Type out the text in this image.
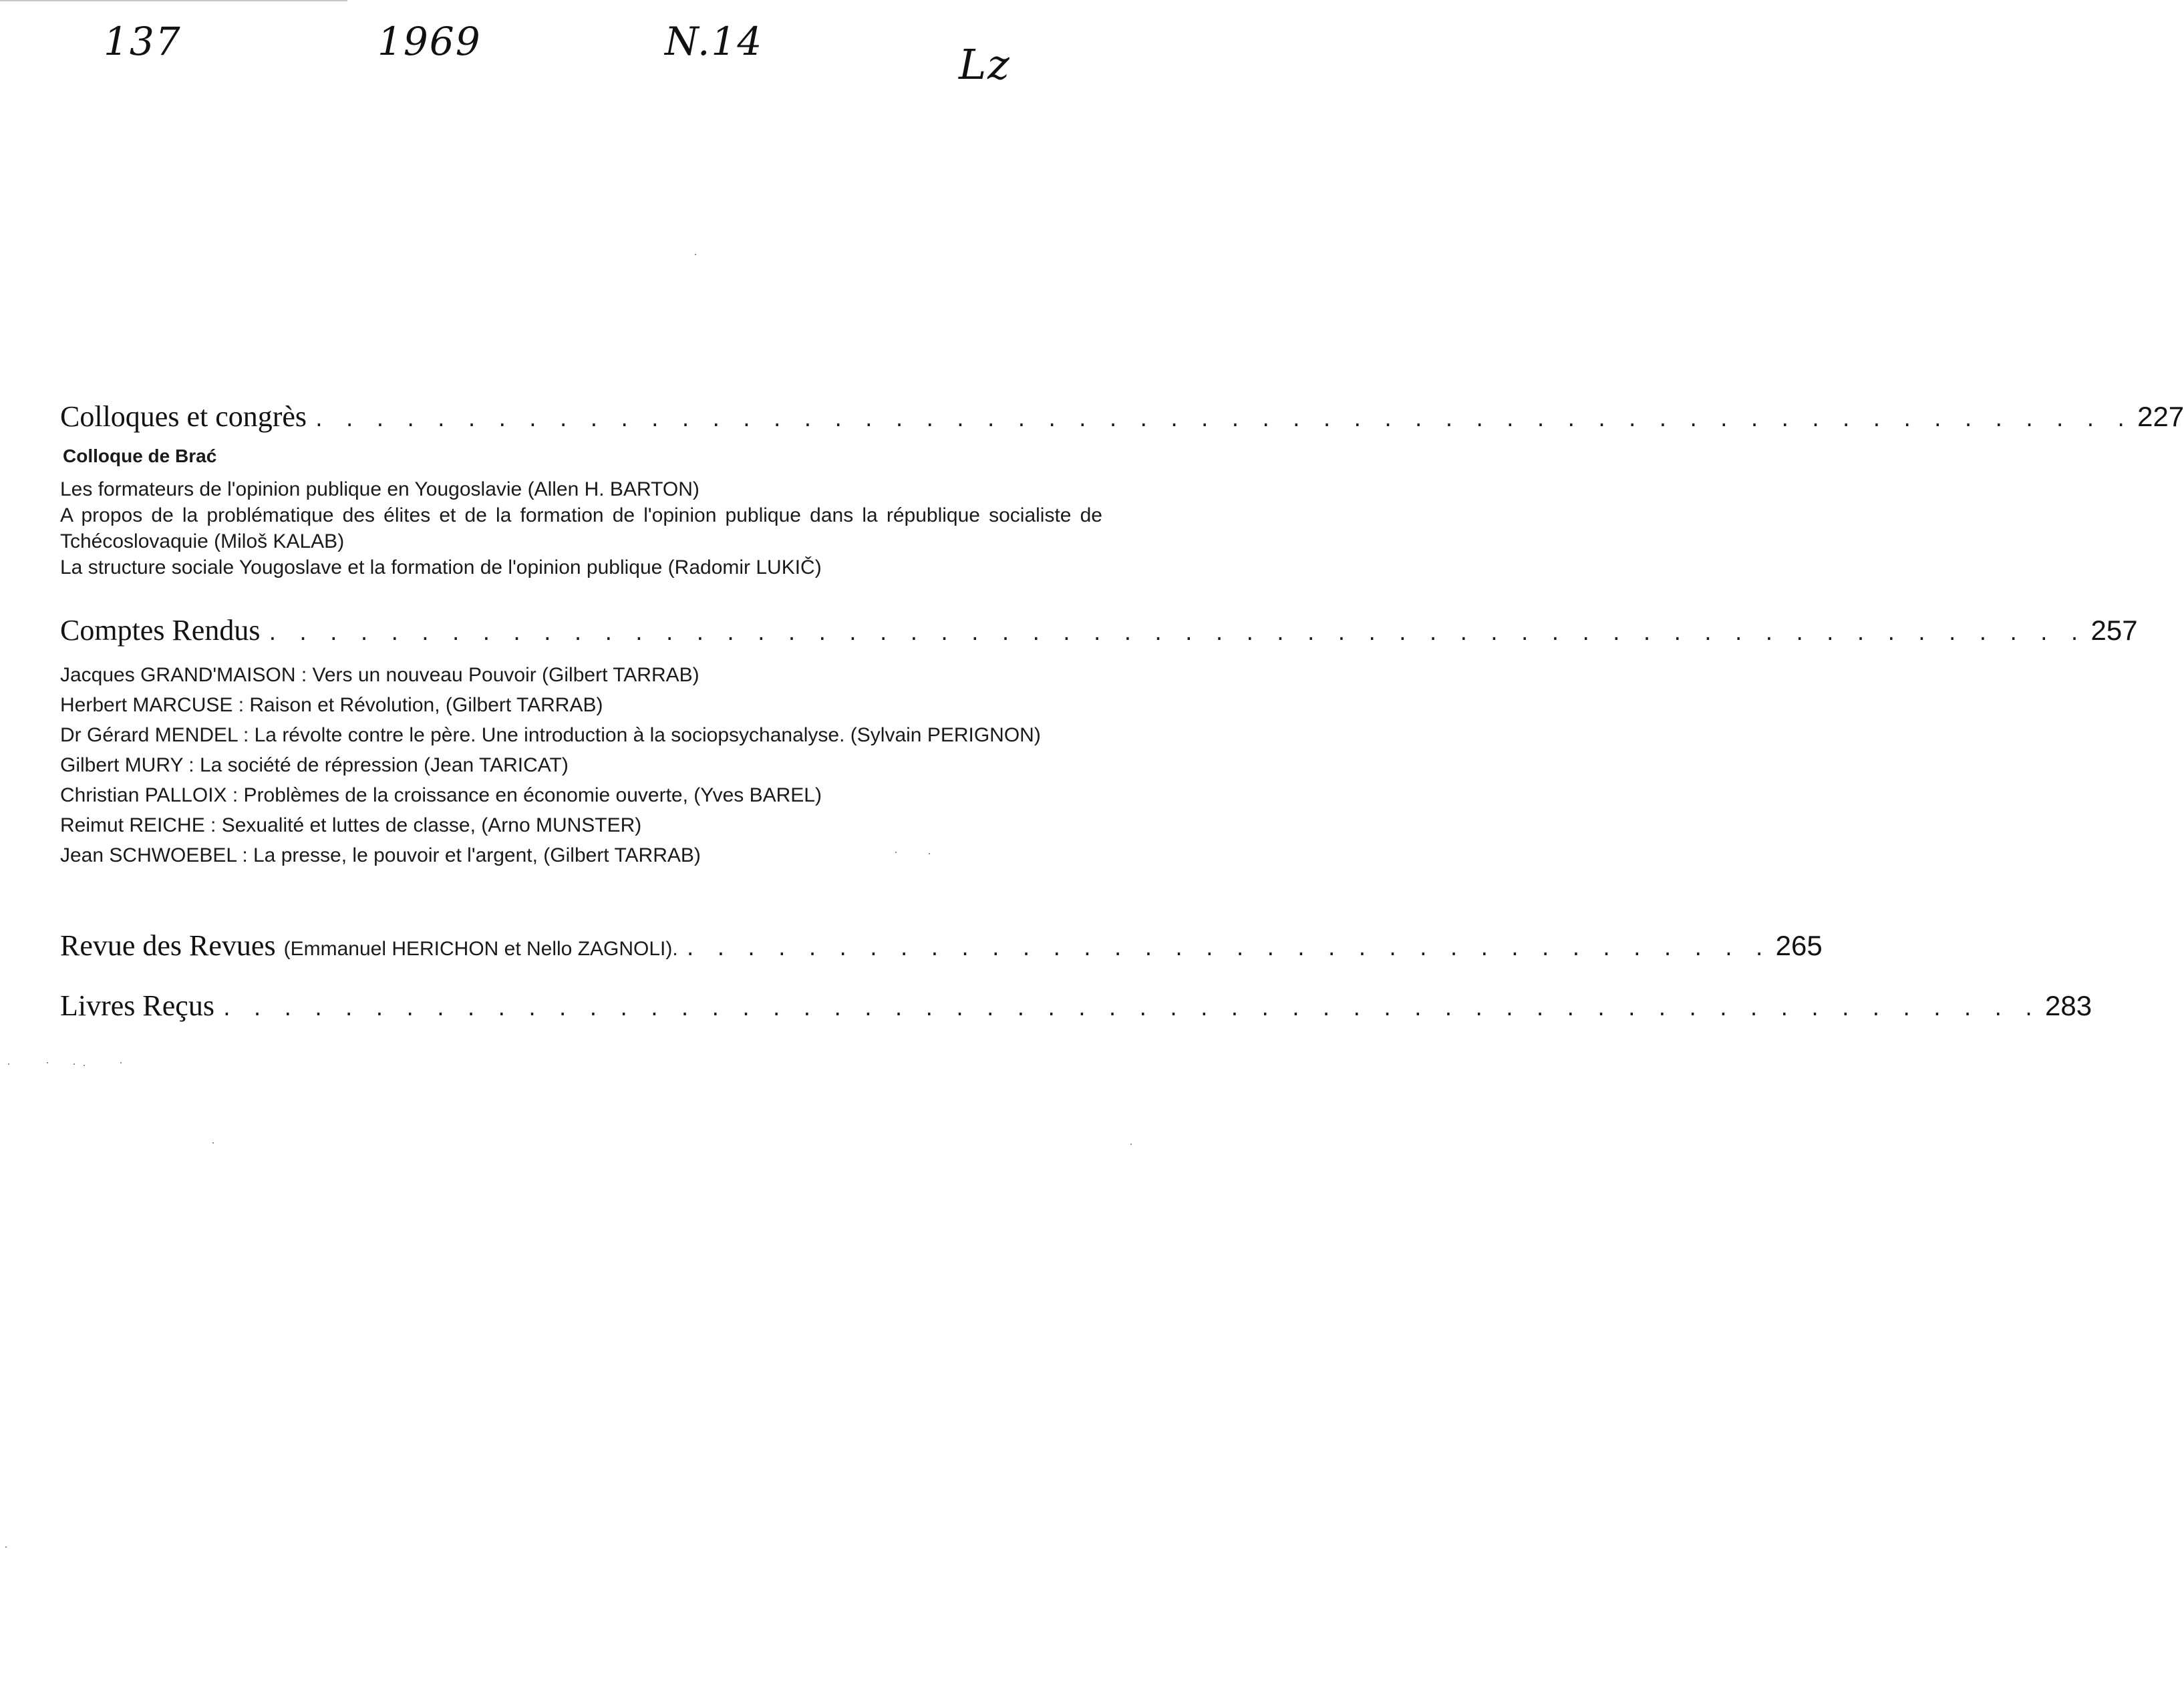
137	1969	N.14	Lz
Colloques et congrès . . . . . . . . . . . . . . . . . . . . . . . . . . . . . . . . . . . . . . . . . . . . . . . . . . . . . . . . . . . . 227

Colloque de Brać

Les formateurs de l'opinion publique en Yougoslavie (Allen H. BARTON)

A propos de la problématique des élites et de la formation de l'opinion publique dans la république socialiste de Tchécoslovaquie (Miloš KALAB)

La structure sociale Yougoslave et la formation de l'opinion publique (Radomir LUKIČ)

Comptes Rendus . . . . . . . . . . . . . . . . . . . . . . . . . . . . . . . . . . . . . . . . . . . . . . . . . . . . . . . . . . . . 257

Jacques GRAND'MAISON : Vers un nouveau Pouvoir (Gilbert TARRAB)

Herbert MARCUSE : Raison et Révolution, (Gilbert TARRAB)

Dr Gérard MENDEL : La révolte contre le père. Une introduction à la sociopsychanalyse. (Sylvain PERIGNON)

Gilbert MURY : La société de répression (Jean TARICAT)

Christian PALLOIX : Problèmes de la croissance en économie ouverte, (Yves BAREL)

Reimut REICHE : Sexualité et luttes de classe, (Arno MUNSTER)

Jean SCHWOEBEL : La presse, le pouvoir et l'argent, (Gilbert TARRAB)

Revue des Revues (Emmanuel HERICHON et Nello ZAGNOLI). . . . . . . . . . . . . . . . . . . . . . . . . . . . . . . . . . . . . 265
Livres Reçus . . . . . . . . . . . . . . . . . . . . . . . . . . . . . . . . . . . . . . . . . . . . . . . . . . . . . . . . . . . . 283
